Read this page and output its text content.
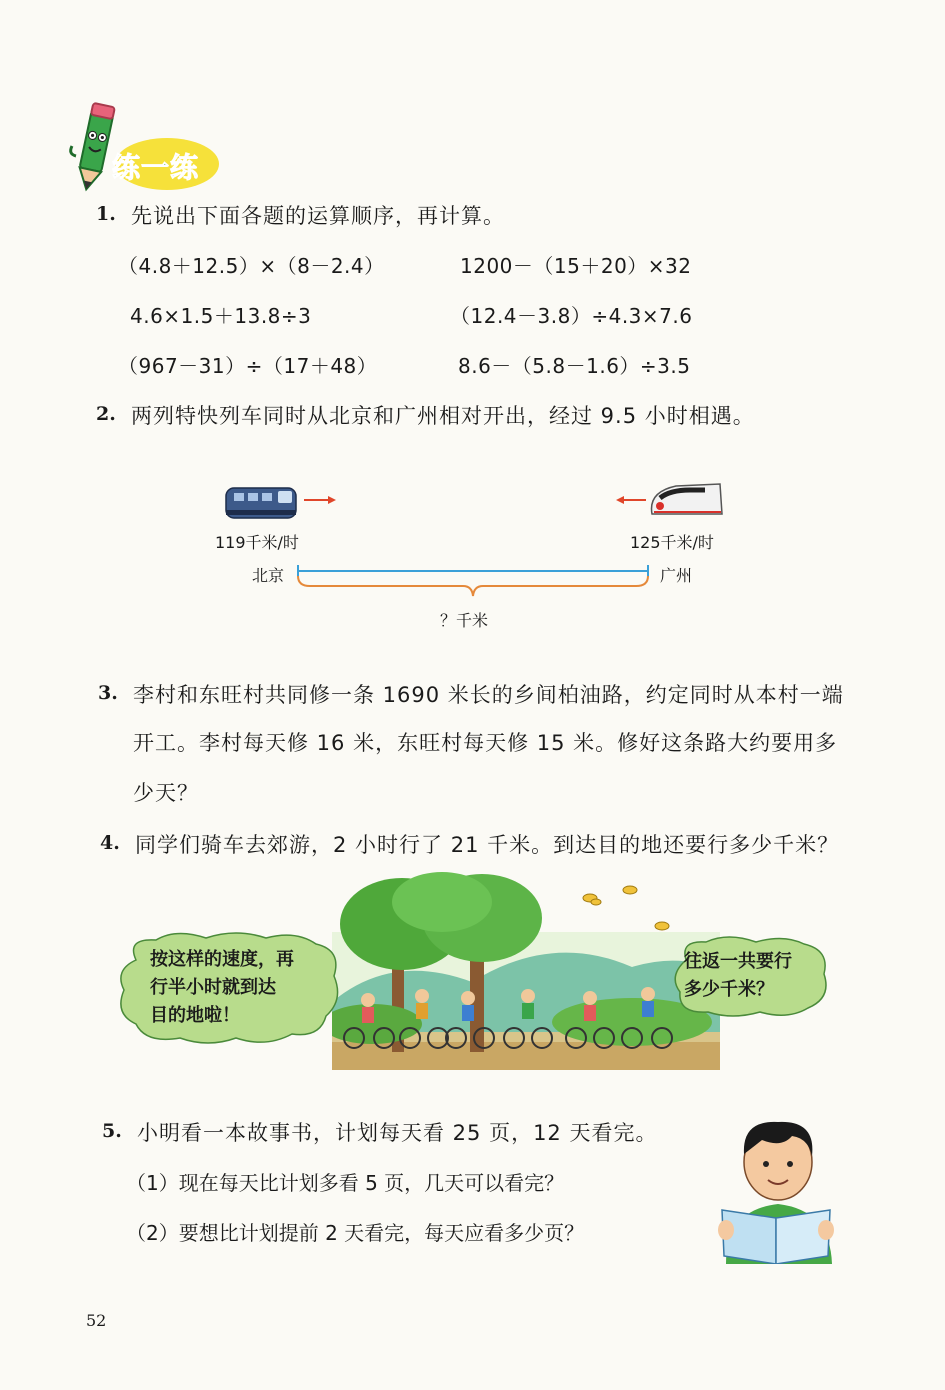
练一练
1. 先说出下面各题的运算顺序，再计算。
（4.8＋12.5）×（8－2.4）	1200－（15＋20）×32
4.6×1.5＋13.8÷3	（12.4－3.8）÷4.3×7.6
（967－31）÷（17＋48）	8.6－（5.8－1.6）÷3.5
2. 两列特快列车同时从北京和广州相对开出，经过 9.5 小时相遇。
119千米/时	125千米/时
北京	广州
？千米
3. 李村和东旺村共同修一条 1690 米长的乡间柏油路，约定同时从本村一端
开工。李村每天修 16 米，东旺村每天修 15 米。修好这条路大约要用多
少天？
4. 同学们骑车去郊游，2 小时行了 21 千米。到达目的地还要行多少千米？
按这样的速度，再
行半小时就到达
目的地啦！
往返一共要行
多少千米？
5. 小明看一本故事书，计划每天看 25 页，12 天看完。
（1）现在每天比计划多看 5 页，几天可以看完？
（2）要想比计划提前 2 天看完，每天应看多少页？
52
